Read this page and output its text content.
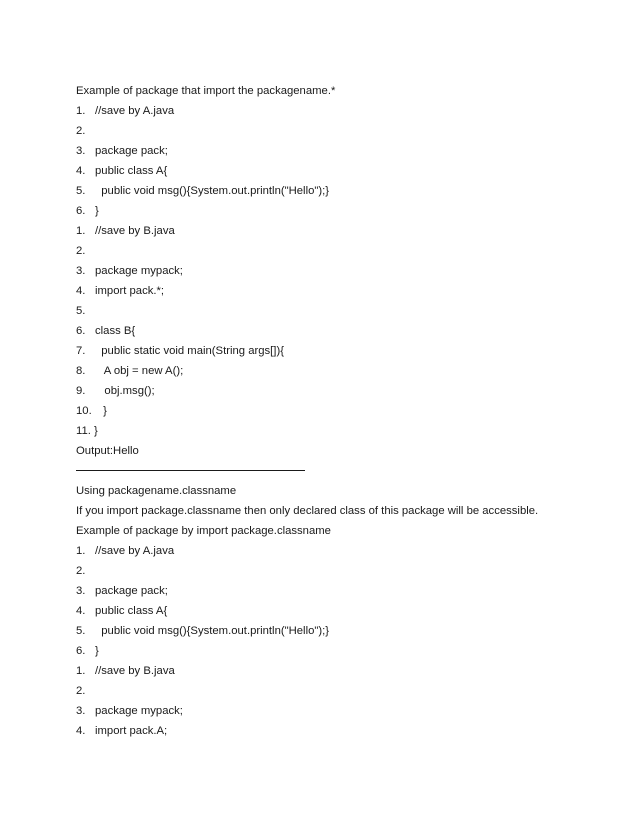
Example of package that import the packagename.*
1. //save by A.java
2.
3. package pack;
4. public class A{
5.  public void msg(){System.out.println("Hello");}
6. }
1. //save by B.java
2.
3. package mypack;
4. import pack.*;
5.
6. class B{
7.  public static void main(String args[]){
8.   A obj = new A();
9.   obj.msg();
10. }
11. }
Output:Hello
Using packagename.classname
If you import package.classname then only declared class of this package will be accessible.
Example of package by import package.classname
1. //save by A.java
2.
3. package pack;
4. public class A{
5.  public void msg(){System.out.println("Hello");}
6. }
1. //save by B.java
2.
3. package mypack;
4. import pack.A;
